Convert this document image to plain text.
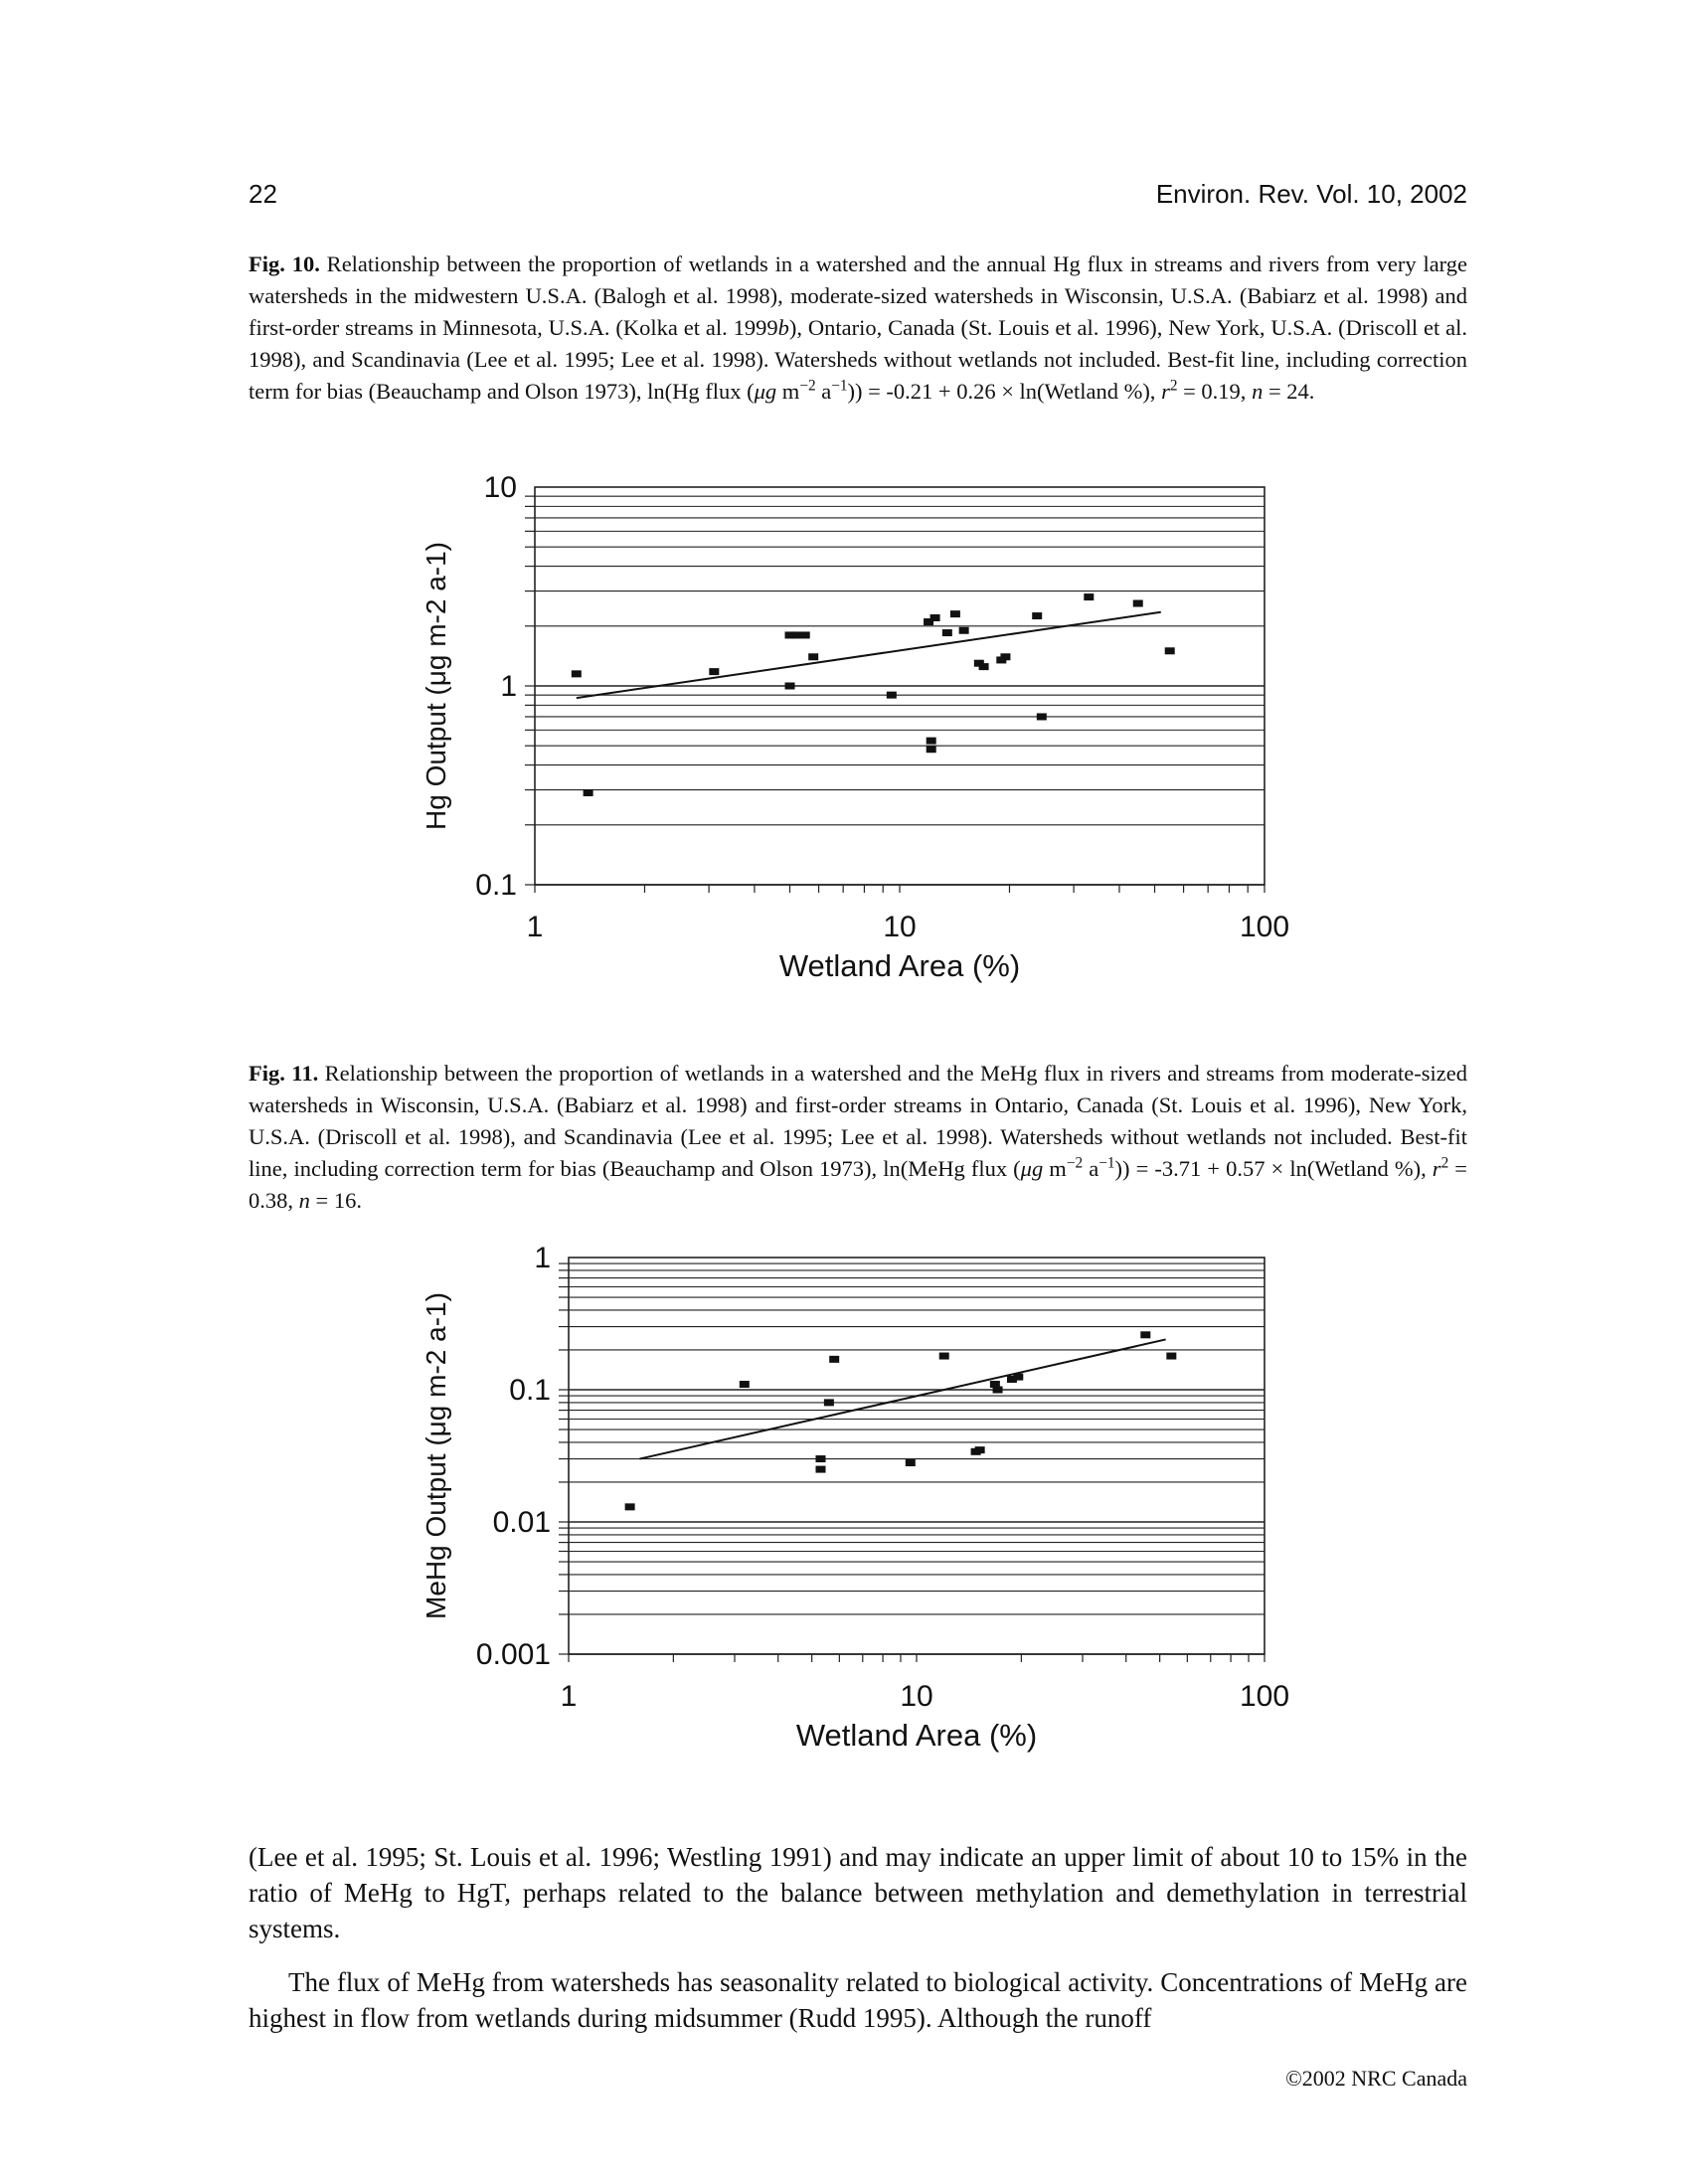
22	Environ. Rev. Vol. 10, 2002

Fig. 10. Relationship between the proportion of wetlands in a watershed and the annual Hg flux in streams and rivers from very large watersheds in the midwestern U.S.A. (Balogh et al. 1998), moderate-sized watersheds in Wisconsin, U.S.A. (Babiarz et al. 1998) and first-order streams in Minnesota, U.S.A. (Kolka et al. 1999b), Ontario, Canada (St. Louis et al. 1996), New York, U.S.A. (Driscoll et al. 1998), and Scandinavia (Lee et al. 1995; Lee et al. 1998). Watersheds without wetlands not included. Best-fit line, including correction term for bias (Beauchamp and Olson 1973), ln(Hg flux (μg $m^{-2}$ $a^{-1})) = -0.21 + 0.26$ × ln(Wetland %), $r^2 = 0.19$, n = 24.

1	10	100
0.1
1
10
Wetland Area (%)
Hg Output (μg m-2 a-1)

Fig. 11. Relationship between the proportion of wetlands in a watershed and the MeHg flux in rivers and streams from moderate-sized watersheds in Wisconsin, U.S.A. (Babiarz et al. 1998) and first-order streams in Ontario, Canada (St. Louis et al. 1996), New York, U.S.A. (Driscoll et al. 1998), and Scandinavia (Lee et al. 1995; Lee et al. 1998). Watersheds without wetlands not included. Best-fit line, including correction term for bias (Beauchamp and Olson 1973), ln(MeHg flux (μg $m^{-2}$ $a^{-1})) = -3.71 + 0.57$ × ln(Wetland %), $r^2 = 0.38$, n = 16.

1	10	100
0.001
0.01
0.1
1
Wetland Area (%)
MeHg Output (μg m-2 a-1)

(Lee et al. 1995; St. Louis et al. 1996; Westling 1991) and may indicate an upper limit of about 10 to 15% in the ratio of MeHg to HgT, perhaps related to the balance between methylation and demethylation in terrestrial systems.

The flux of MeHg from watersheds has seasonality related to biological activity. Concentrations of MeHg are highest in flow from wetlands during midsummer (Rudd 1995). Although the runoff

©2002 NRC Canada
